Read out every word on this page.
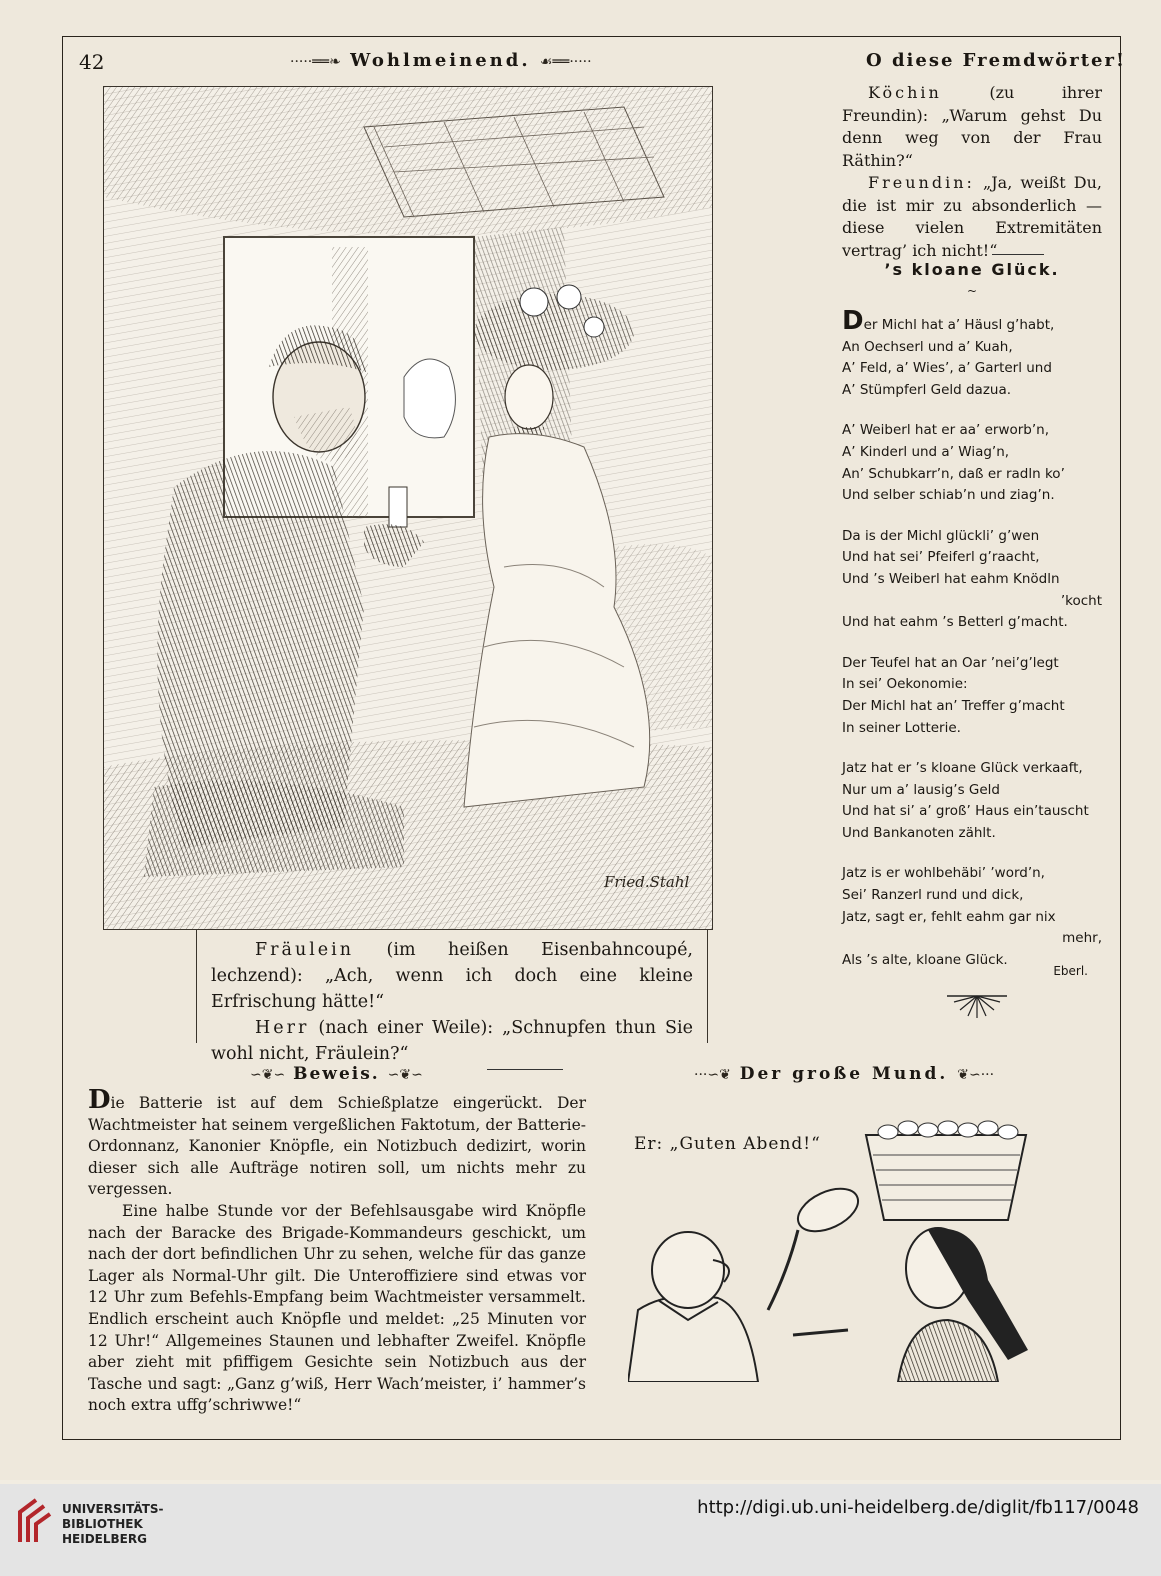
42	·····══❧ Wohlmeinend. ☙══·····	O diese Fremdwörter!
Fried.Stahl

Fräulein (im heißen Eisenbahncoupé, lechzend): „Ach, wenn ich doch eine kleine Erfrischung hätte!“

Herr (nach einer Weile): „Schnupfen thun Sie wohl nicht, Fräulein?“

Köchin	(zu ihrer Freundin): „Warum gehst Du denn weg von der Frau Räthin?“

Freundin: „Ja, weißt Du, die ist mir zu absonderlich — diese vielen Extremitäten vertrag’ ich nicht!“

’s kloane Glück.
~
Der Michl hat a’ Häusl g’habt,
An Oechserl und a’ Kuah,
A’ Feld, a’ Wies’, a’ Garterl und
A’ Stümpferl Geld dazua.
A’ Weiberl hat er aa’ erworb’n,
A’ Kinderl und a’ Wiag’n,
An’ Schubkarr’n, daß er radln ko’
Und selber schiab’n und ziag’n.
Da is der Michl glückli’ g’wen
Und hat sei’ Pfeiferl g’raacht,
Und ’s Weiberl hat eahm Knödln
’kocht
Und hat eahm ’s Betterl g’macht.
Der Teufel hat an Oar ’nei’g’legt
In sei’ Oekonomie:
Der Michl hat an’ Treffer g’macht
In seiner Lotterie.
Jatz hat er ’s kloane Glück verkaaft,
Nur um a’ lausig’s Geld
Und hat si’ a’ groß’ Haus ein’tauscht
Und Bankanoten zählt.
Jatz is er wohlbehäbi’ ’word’n,
Sei’ Ranzerl rund und dick,
Jatz, sagt er, fehlt eahm gar nix
mehr,
Als ’s alte, kloane Glück.
Eberl.
∽❦∽ Beweis. ∽❦∽

Die Batterie ist auf dem Schießplatze eingerückt. Der Wachtmeister hat seinem vergeßlichen Faktotum, der Batterie-Ordonnanz, Kanonier Knöpfle, ein Notizbuch dedizirt, worin dieser sich alle Aufträge notiren soll, um nichts mehr zu vergessen.

Eine halbe Stunde vor der Befehlsausgabe wird Knöpfle nach der Baracke des Brigade-Kommandeurs geschickt, um nach der dort befindlichen Uhr zu sehen, welche für das ganze Lager als Normal-Uhr gilt. Die Unteroffiziere sind etwas vor 12 Uhr zum Befehls-Empfang beim Wachtmeister versammelt. Endlich erscheint auch Knöpfle und meldet: „25 Minuten vor 12 Uhr!“ Allgemeines Staunen und lebhafter Zweifel. Knöpfle aber zieht mit pfiffigem Gesichte sein Notizbuch aus der Tasche und sagt: „Ganz g’wiß, Herr Wach’meister, i’ hammer’s noch extra uffg’schriwwe!“

···∽❦ Der große Mund. ❦∽···
Er: „Guten Abend!“
UNIVERSITÄTS-
BIBLIOTHEK
HEIDELBERG
http://digi.ub.uni-heidelberg.de/diglit/fb117/0048
